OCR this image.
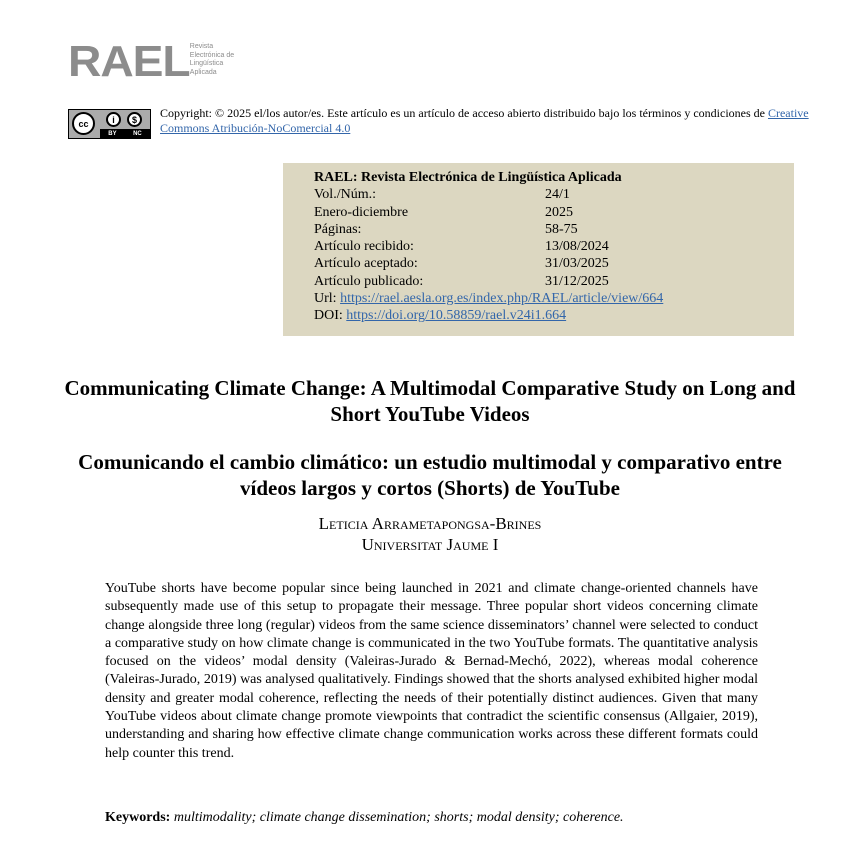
RAEL Revista
Electrónica de
Lingüística
Aplicada
cc	i	$
BY	NC
Copyright: © 2025 el/los autor/es. Este artículo es un artículo de acceso abierto distribuido bajo los términos y condiciones de Creative Commons Atribución-NoComercial 4.0
RAEL: Revista Electrónica de Lingüística Aplicada
Vol./Núm.:	24/1
Enero-diciembre	2025
Páginas:	58-75
Artículo recibido:	13/08/2024
Artículo aceptado:	31/03/2025
Artículo publicado:	31/12/2025
Url: https://rael.aesla.org.es/index.php/RAEL/article/view/664
DOI: https://doi.org/10.58859/rael.v24i1.664
Communicating Climate Change: A Multimodal Comparative Study on Long and Short YouTube Videos
Comunicando el cambio climático: un estudio multimodal y comparativo entre vídeos largos y cortos (Shorts) de YouTube
Leticia Arrametapongsa-Brines
Universitat Jaume I

YouTube shorts have become popular since being launched in 2021 and climate change-oriented channels have subsequently made use of this setup to propagate their message. Three popular short videos concerning climate change alongside three long (regular) videos from the same science disseminators’ channel were selected to conduct a comparative study on how climate change is communicated in the two YouTube formats. The quantitative analysis focused on the videos’ modal density (Valeiras-Jurado & Bernad-Mechó, 2022), whereas modal coherence (Valeiras-Jurado, 2019) was analysed qualitatively. Findings showed that the shorts analysed exhibited higher modal density and greater modal coherence, reflecting the needs of their potentially distinct audiences. Given that many YouTube videos about climate change promote viewpoints that contradict the scientific consensus (Allgaier, 2019), understanding and sharing how effective climate change communication works across these different formats could help counter this trend.

Keywords: multimodality; climate change dissemination; shorts; modal density; coherence.
